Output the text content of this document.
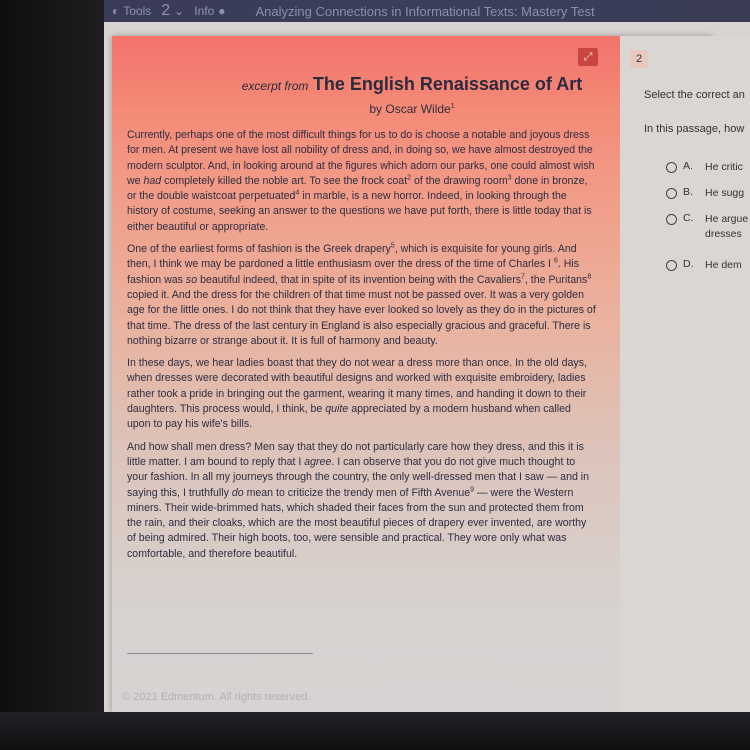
◐ Tools 2 ⌄ Info ● Analyzing Connections in Informational Texts: Mastery Test
⤢
excerpt from The English Renaissance of Art
by Oscar Wilde$^1$

Currently, perhaps one of the most difficult things for us to do is choose a notable and joyous dress for men. At present we have lost all nobility of dress and, in doing so, we have almost destroyed the modern sculptor. And, in looking around at the figures which adorn our parks, one could almost wish we had completely killed the noble art. To see the frock coat$^2$ of the drawing room$^3$ done in bronze, or the double waistcoat perpetuated$^4$ in marble, is a new horror. Indeed, in looking through the history of costume, seeking an answer to the questions we have put forth, there is little today that is either beautiful or appropriate.

One of the earliest forms of fashion is the Greek drapery$^5$, which is exquisite for young girls. And then, I think we may be pardoned a little enthusiasm over the dress of the time of Charles I $^6$. His fashion was so beautiful indeed, that in spite of its invention being with the Cavaliers$^7$, the Puritans$^8$ copied it. And the dress for the children of that time must not be passed over. It was a very golden age for the little ones. I do not think that they have ever looked so lovely as they do in the pictures of that time. The dress of the last century in England is also especially gracious and graceful. There is nothing bizarre or strange about it. It is full of harmony and beauty.

In these days, we hear ladies boast that they do not wear a dress more than once. In the old days, when dresses were decorated with beautiful designs and worked with exquisite embroidery, ladies rather took a pride in bringing out the garment, wearing it many times, and handing it down to their daughters. This process would, I think, be quite appreciated by a modern husband when called upon to pay his wife's bills.

And how shall men dress? Men say that they do not particularly care how they dress, and this it is little matter. I am bound to reply that I agree. I can observe that you do not give much thought to your fashion. In all my journeys through the country, the only well-dressed men that I saw — and in saying this, I truthfully do mean to criticize the trendy men of Fifth Avenue$^9$ — were the Western miners. Their wide-brimmed hats, which shaded their faces from the sun and protected them from the rain, and their cloaks, which are the most beautiful pieces of drapery ever invented, are worthy of being admired. Their high boots, too, were sensible and practical. They wore only what was comfortable, and therefore beautiful.

© 2021 Edmentum. All rights reserved.
2
Select the correct an
In this passage, how
A.	He critic
B.	He sugg
C.	He argue
dresses
D.	He dem
